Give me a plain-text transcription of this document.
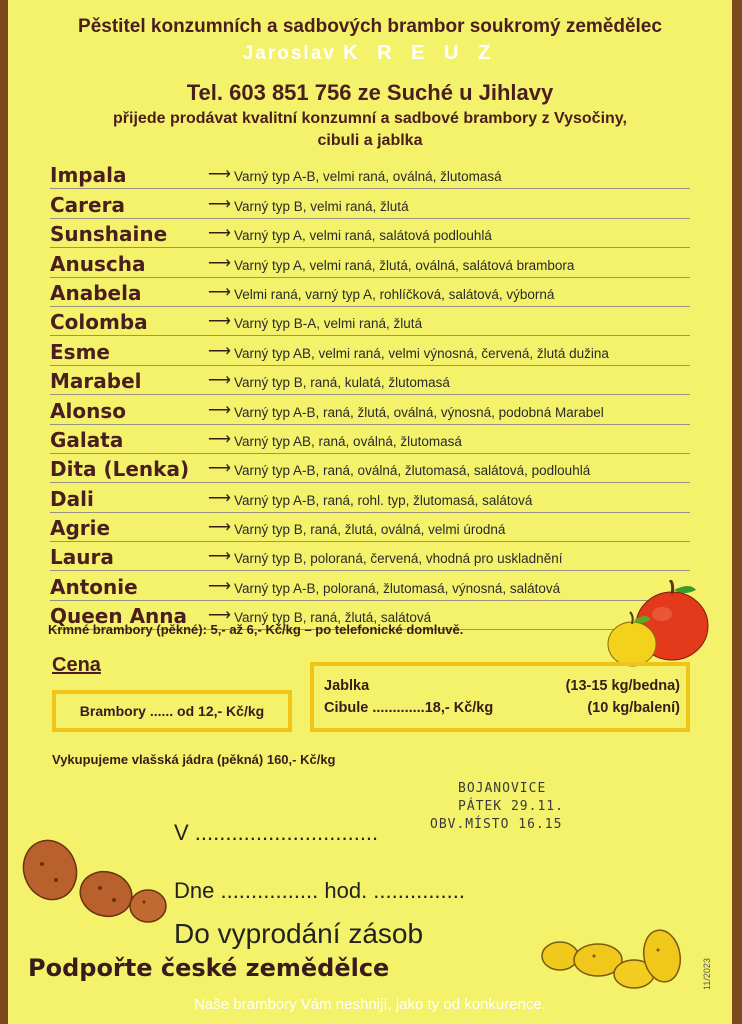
Pěstitel konzumních a sadbových brambor soukromý zemědělec
Jaroslav K R E U Z
Tel. 603 851 756 ze Suché u Jihlavy
přijede prodávat kvalitní konzumní a sadbové brambory z Vysočiny,
cibuli a jablka
Impala	⟶ Varný typ A-B, velmi raná, oválná, žlutomasá
Carera	⟶ Varný typ B, velmi raná, žlutá
Sunshaine	⟶ Varný typ A, velmi raná, salátová podlouhlá
Anuscha	⟶ Varný typ A, velmi raná, žlutá, oválná, salátová brambora
Anabela	⟶ Velmi raná, varný typ A, rohlíčková, salátová, výborná
Colomba	⟶ Varný typ B-A, velmi raná, žlutá
Esme	⟶ Varný typ AB, velmi raná, velmi výnosná, červená, žlutá dužina
Marabel	⟶ Varný typ B, raná, kulatá, žlutomasá
Alonso	⟶ Varný typ A-B, raná, žlutá, oválná, výnosná, podobná Marabel
Galata	⟶ Varný typ AB, raná, oválná, žlutomasá
Dita (Lenka)	⟶ Varný typ A-B, raná, oválná, žlutomasá, salátová, podlouhlá
Dali	⟶ Varný typ A-B, raná, rohl. typ, žlutomasá, salátová
Agrie	⟶ Varný typ B, raná, žlutá, oválná, velmi úrodná
Laura	⟶ Varný typ B, poloraná, červená, vhodná pro uskladnění
Antonie	⟶ Varný typ A-B, poloraná, žlutomasá, výnosná, salátová
Queen Anna	⟶ Varný typ B, raná, žlutá, salátová
Krmné brambory (pěkné): 5,- až 6,- Kč/kg – po telefonické domluvě.
Cena
Brambory ...... od 12,- Kč/kg
Jablka	(13-15 kg/bedna)
Cibule .............18,- Kč/kg	(10 kg/balení)
Vykupujeme vlašská jádra (pěkná) 160,- Kč/kg
BOJANOVICE
PÁTEK 29.11.
OBV.MÍSTO 16.15
V ..............................
Dne ................ hod. ...............
Do vyprodání zásob
11/2023
Podpořte české zemědělce
Naše brambory Vám neshnijí, jako ty od konkurence.
